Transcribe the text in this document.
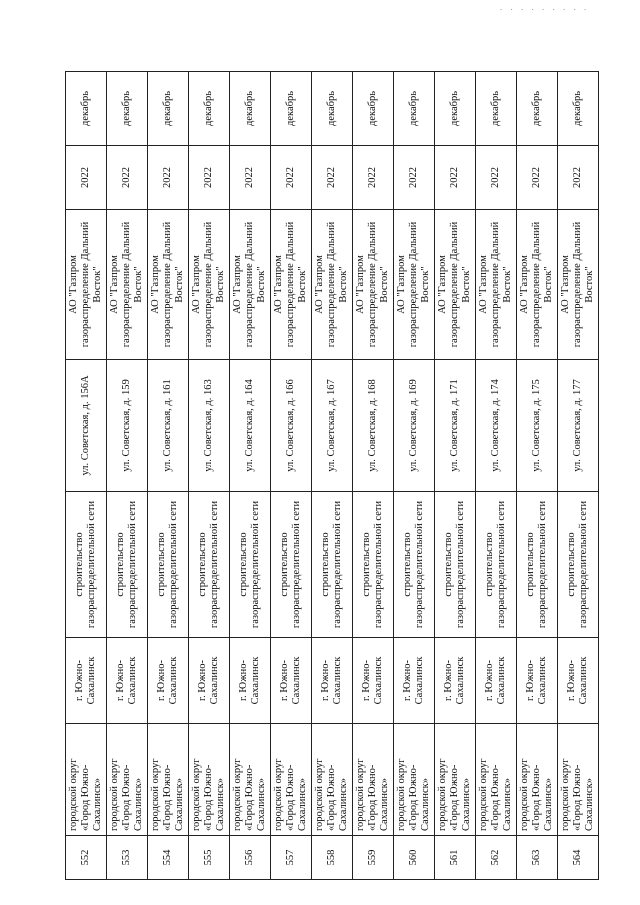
. . . . . . . . .
552	городской округ «Город Южно-Сахалинск»	г. Южно-Сахалинск	строительство газораспределительной сети	ул. Советская, д. 156А	АО "Газпром газораспределение Дальний Восток"	2022	декабрь
553	городской округ «Город Южно-Сахалинск»	г. Южно-Сахалинск	строительство газораспределительной сети	ул. Советская, д. 159	АО "Газпром газораспределение Дальний Восток"	2022	декабрь
554	городской округ «Город Южно-Сахалинск»	г. Южно-Сахалинск	строительство газораспределительной сети	ул. Советская, д. 161	АО "Газпром газораспределение Дальний Восток"	2022	декабрь
555	городской округ «Город Южно-Сахалинск»	г. Южно-Сахалинск	строительство газораспределительной сети	ул. Советская, д. 163	АО "Газпром газораспределение Дальний Восток"	2022	декабрь
556	городской округ «Город Южно-Сахалинск»	г. Южно-Сахалинск	строительство газораспределительной сети	ул. Советская, д. 164	АО "Газпром газораспределение Дальний Восток"	2022	декабрь
557	городской округ «Город Южно-Сахалинск»	г. Южно-Сахалинск	строительство газораспределительной сети	ул. Советская, д. 166	АО "Газпром газораспределение Дальний Восток"	2022	декабрь
558	городской округ «Город Южно-Сахалинск»	г. Южно-Сахалинск	строительство газораспределительной сети	ул. Советская, д. 167	АО "Газпром газораспределение Дальний Восток"	2022	декабрь
559	городской округ «Город Южно-Сахалинск»	г. Южно-Сахалинск	строительство газораспределительной сети	ул. Советская, д. 168	АО "Газпром газораспределение Дальний Восток"	2022	декабрь
560	городской округ «Город Южно-Сахалинск»	г. Южно-Сахалинск	строительство газораспределительной сети	ул. Советская, д. 169	АО "Газпром газораспределение Дальний Восток"	2022	декабрь
561	городской округ «Город Южно-Сахалинск»	г. Южно-Сахалинск	строительство газораспределительной сети	ул. Советская, д. 171	АО "Газпром газораспределение Дальний Восток"	2022	декабрь
562	городской округ «Город Южно-Сахалинск»	г. Южно-Сахалинск	строительство газораспределительной сети	ул. Советская, д. 174	АО "Газпром газораспределение Дальний Восток"	2022	декабрь
563	городской округ «Город Южно-Сахалинск»	г. Южно-Сахалинск	строительство газораспределительной сети	ул. Советская, д. 175	АО "Газпром газораспределение Дальний Восток"	2022	декабрь
564	городской округ «Город Южно-Сахалинск»	г. Южно-Сахалинск	строительство газораспределительной сети	ул. Советская, д. 177	АО "Газпром газораспределение Дальний Восток"	2022	декабрь
